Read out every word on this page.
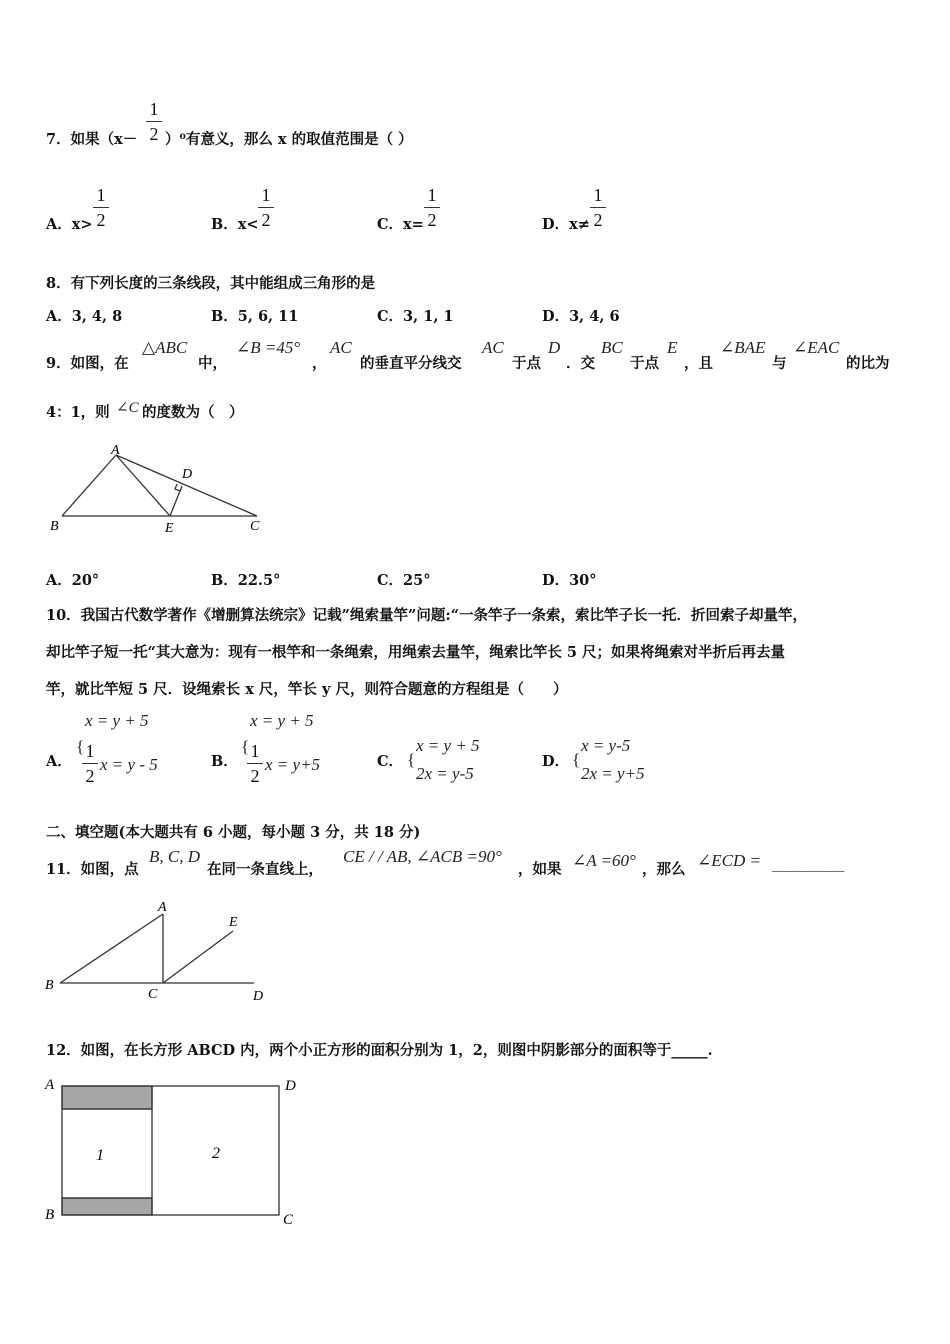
7．如果（x－
1
2 ）⁰有意义，那么 x 的取值范围是（ ）
A．x>
1
2	B．x<
1
2	C．x=
1
2	D．x≠
1
2
8．有下列长度的三条线段，其中能组成三角形的是
A．3, 4, 8	B．5, 6, 11	C．3, 1, 1	D．3, 4, 6
9．如图，在
△ABC
中，
∠B =45°
，
AC
的垂直平分线交
AC
于点
D
．交
BC
于点
E
，且
∠BAE
与
∠EAC
的比为
4：1，则 ∠C 的度数为（　）
A
B	C
D
E
A．20°	B．22.5°	C．25°	D．30°
10．我国古代数学著作《增删算法统宗》记载”绳索量竿”问题:“一条竿子一条索，索比竿子长一托．折回索子却量竿，
却比竿子短一托“其大意为：现有一根竿和一条绳索，用绳索去量竿，绳索比竿长 5 尺；如果将绳索对半折后再去量
竿，就比竿短 5 尺．设绳索长 x 尺，竿长 y 尺，则符合题意的方程组是（　　）
A．
{
x = y + 5
1
2
x = y - 5	B．
{
x = y + 5
1
2
x = y+5	C． {
x = y + 5
2x = y-5
D． {
x = y-5
2x = y+5
二、填空题(本大题共有 6 小题，每小题 3 分，共 18 分)
11．如图，点
B, C, D
在同一条直线上，
CE / / AB, ∠ACB =90°
，如果 ∠A =60° ，那么 ∠ECD = __________
A
B
C	D
E
12．如图，在长方形 ABCD 内，两个小正方形的面积分别为 1，2，则图中阴影部分的面积等于_____.
A
B	C
D
1	2
